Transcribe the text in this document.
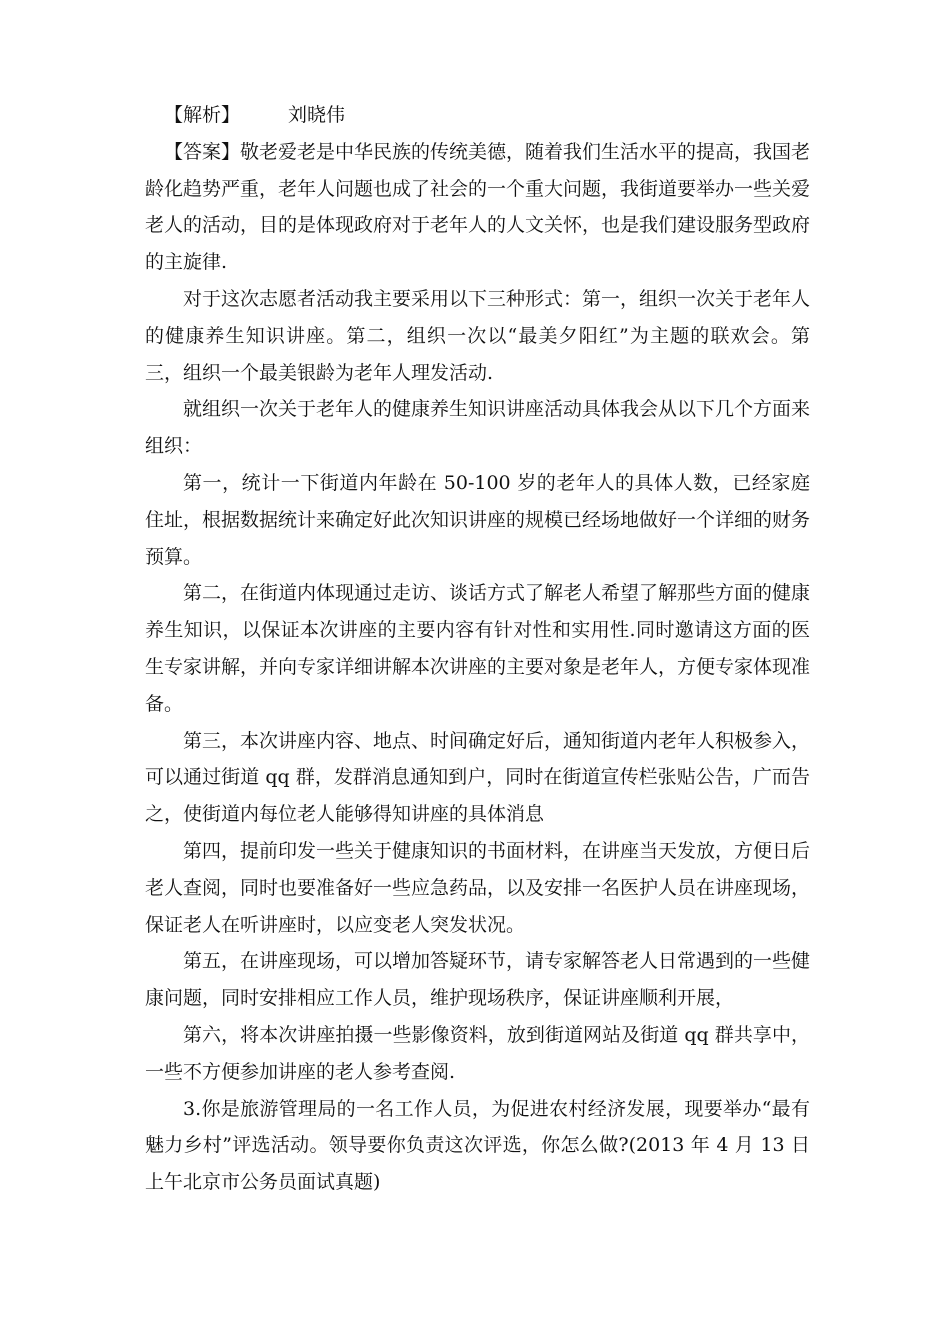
【解析】	刘晓伟

【答案】敬老爱老是中华民族的传统美德，随着我们生活水平的提高，我国老龄化趋势严重，老年人问题也成了社会的一个重大问题，我街道要举办一些关爱老人的活动，目的是体现政府对于老年人的人文关怀，也是我们建设服务型政府的主旋律.

对于这次志愿者活动我主要采用以下三种形式：第一，组织一次关于老年人的健康养生知识讲座。第二，组织一次以“最美夕阳红”为主题的联欢会。第三，组织一个最美银龄为老年人理发活动.

就组织一次关于老年人的健康养生知识讲座活动具体我会从以下几个方面来组织：

第一，统计一下街道内年龄在 50-100 岁的老年人的具体人数，已经家庭住址，根据数据统计来确定好此次知识讲座的规模已经场地做好一个详细的财务预算。

第二，在街道内体现通过走访、谈话方式了解老人希望了解那些方面的健康养生知识，以保证本次讲座的主要内容有针对性和实用性.同时邀请这方面的医生专家讲解，并向专家详细讲解本次讲座的主要对象是老年人，方便专家体现准备。

第三，本次讲座内容、地点、时间确定好后，通知街道内老年人积极参入，可以通过街道 qq 群，发群消息通知到户，同时在街道宣传栏张贴公告，广而告之，使街道内每位老人能够得知讲座的具体消息

第四，提前印发一些关于健康知识的书面材料，在讲座当天发放，方便日后老人查阅，同时也要准备好一些应急药品，以及安排一名医护人员在讲座现场，保证老人在听讲座时，以应变老人突发状况。

第五，在讲座现场，可以增加答疑环节，请专家解答老人日常遇到的一些健康问题，同时安排相应工作人员，维护现场秩序，保证讲座顺利开展，

第六，将本次讲座拍摄一些影像资料，放到街道网站及街道 qq 群共享中，一些不方便参加讲座的老人参考查阅.

3.你是旅游管理局的一名工作人员，为促进农村经济发展，现要举办“最有魅力乡村”评选活动。领导要你负责这次评选，你怎么做?(2013 年 4 月 13 日上午北京市公务员面试真题)
